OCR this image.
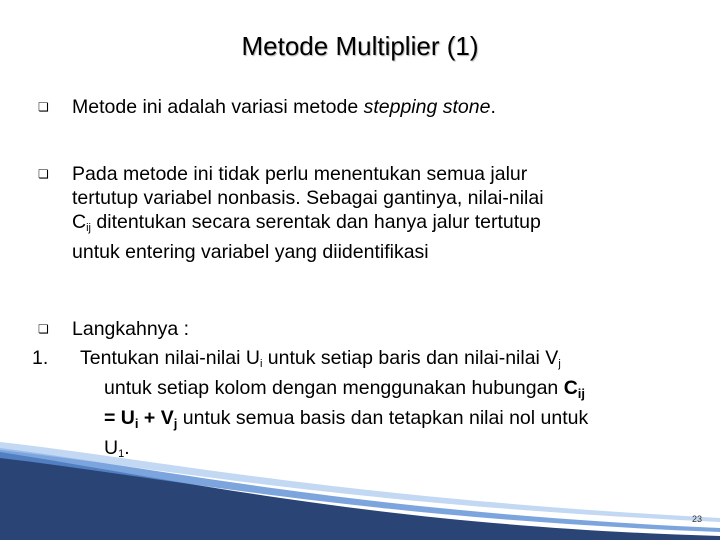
Metode Multiplier (1)
❏ Metode ini adalah variasi metode stepping stone.
❏ Pada metode ini tidak perlu menentukan semua jalur
tertutup variabel nonbasis. Sebagai gantinya, nilai-nilai
$C_{ij}$ ditentukan secara serentak dan hanya jalur tertutup
untuk entering variabel yang diidentifikasi
❏ Langkahnya :
1. Tentukan nilai-nilai $U_i$ untuk setiap baris dan nilai-nilai $V_j$
untuk setiap kolom dengan menggunakan hubungan $C_{ij}$
= $U_i + V_j$ untuk semua basis dan tetapkan nilai nol untuk
$U_1$.
23
